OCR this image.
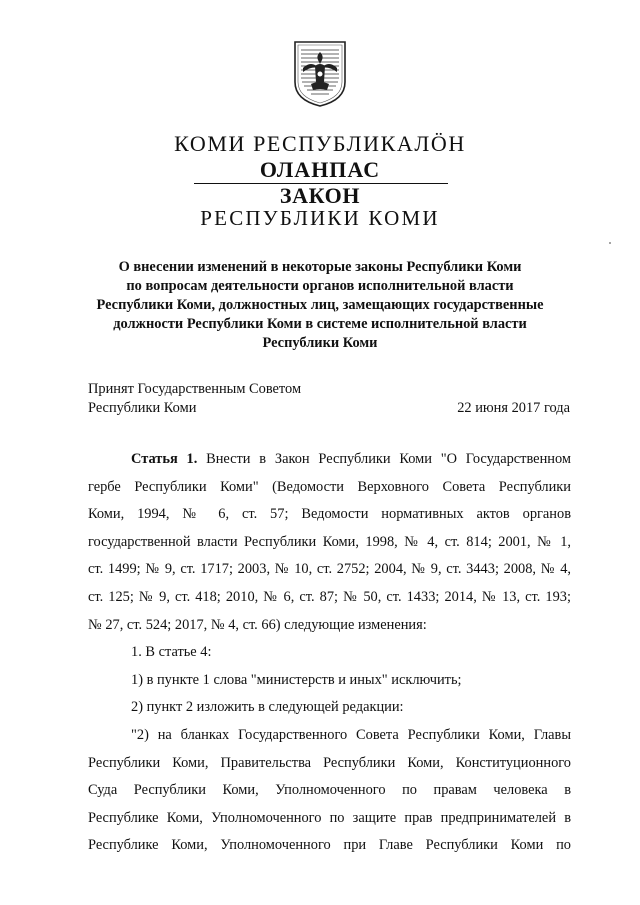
КОМИ РЕСПУБЛИКАЛӦН
ОЛАНПАС
ЗАКОН
РЕСПУБЛИКИ КОМИ
О внесении изменений в некоторые законы Республики Коми
по вопросам деятельности органов исполнительной власти
Республики Коми, должностных лиц, замещающих государственные
должности Республики Коми в системе исполнительной власти
Республики Коми
Принят Государственным Советом
Республики Коми	22 июня 2017 года
Статья 1. Внести в Закон Республики Коми "О Государственном
гербе Республики Коми" (Ведомости Верховного Совета Республики
Коми, 1994, № 6, ст. 57; Ведомости нормативных актов органов
государственной власти Республики Коми, 1998, № 4, ст. 814; 2001, № 1,
ст. 1499; № 9, ст. 1717; 2003, № 10, ст. 2752; 2004, № 9, ст. 3443; 2008, № 4,
ст. 125; № 9, ст. 418; 2010, № 6, ст. 87; № 50, ст. 1433; 2014, № 13, ст. 193;
№ 27, ст. 524; 2017, № 4, ст. 66) следующие изменения:
1. В статье 4:
1) в пункте 1 слова "министерств и иных" исключить;
2) пункт 2 изложить в следующей редакции:
"2) на бланках Государственного Совета Республики Коми, Главы
Республики Коми, Правительства Республики Коми, Конституционного
Суда Республики Коми, Уполномоченного по правам человека в
Республике Коми, Уполномоченного по защите прав предпринимателей в
Республике Коми, Уполномоченного при Главе Республики Коми по
